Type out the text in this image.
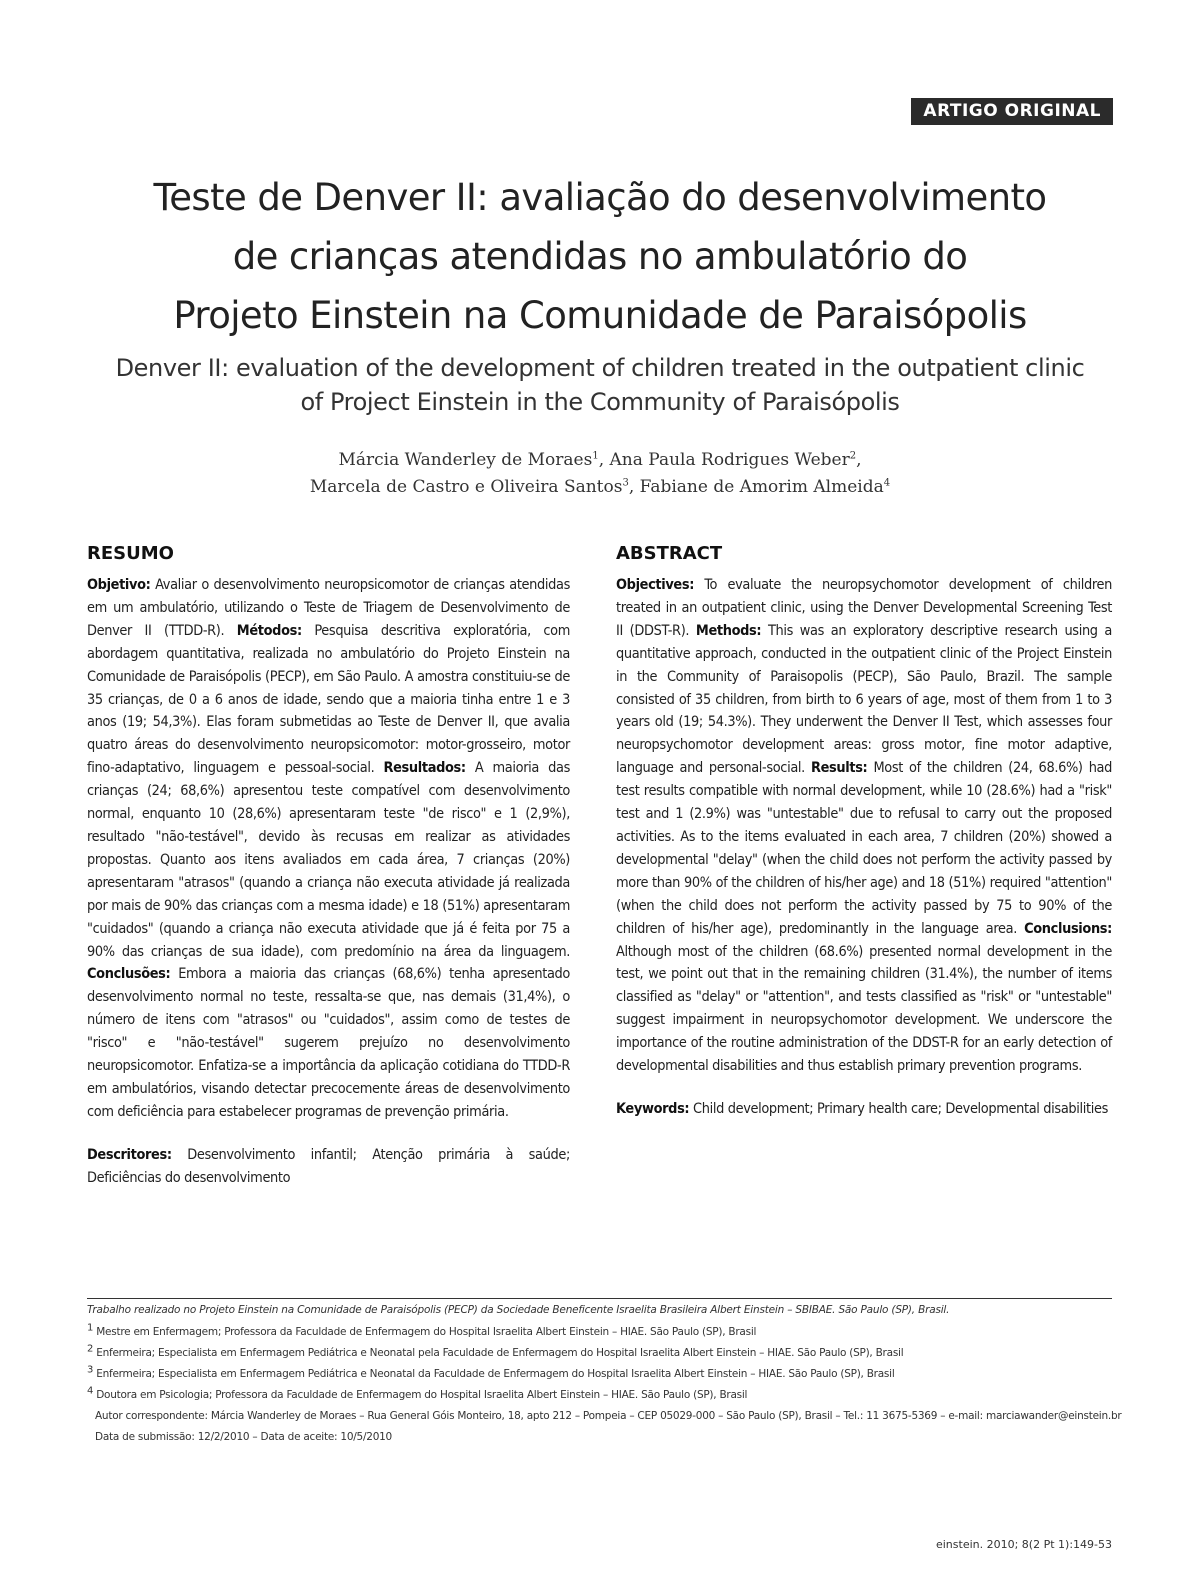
ARTIGO ORIGINAL
Teste de Denver II: avaliação do desenvolvimento
de crianças atendidas no ambulatório do
Projeto Einstein na Comunidade de Paraisópolis
Denver II: evaluation of the development of children treated in the outpatient clinic
of Project Einstein in the Community of Paraisópolis
Márcia Wanderley de Moraes$^1$, Ana Paula Rodrigues Weber$^2$,
Marcela de Castro e Oliveira Santos$^3$, Fabiane de Amorim Almeida$^4$
RESUMO

Objetivo: Avaliar o desenvolvimento neuropsicomotor de crianças atendidas em um ambulatório, utilizando o Teste de Triagem de Desenvolvimento de Denver II (TTDD-R). Métodos: Pesquisa descritiva exploratória, com abordagem quantitativa, realizada no ambulatório do Projeto Einstein na Comunidade de Paraisópolis (PECP), em São Paulo. A amostra constituiu-se de 35 crianças, de 0 a 6 anos de idade, sendo que a maioria tinha entre 1 e 3 anos (19; 54,3%). Elas foram submetidas ao Teste de Denver II, que avalia quatro áreas do desenvolvimento neuropsicomotor: motor-grosseiro, motor fino-adaptativo, linguagem e pessoal-social. Resultados: A maioria das crianças (24; 68,6%) apresentou teste compatível com desenvolvimento normal, enquanto 10 (28,6%) apresentaram teste "de risco" e 1 (2,9%), resultado "não-testável", devido às recusas em realizar as atividades propostas. Quanto aos itens avaliados em cada área, 7 crianças (20%) apresentaram "atrasos" (quando a criança não executa atividade já realizada por mais de 90% das crianças com a mesma idade) e 18 (51%) apresentaram "cuidados" (quando a criança não executa atividade que já é feita por 75 a 90% das crianças de sua idade), com predomínio na área da linguagem. Conclusões: Embora a maioria das crianças (68,6%) tenha apresentado desenvolvimento normal no teste, ressalta-se que, nas demais (31,4%), o número de itens com "atrasos" ou "cuidados", assim como de testes de "risco" e "não-testável" sugerem prejuízo no desenvolvimento neuropsicomotor. Enfatiza-se a importância da aplicação cotidiana do TTDD-R em ambulatórios, visando detectar precocemente áreas de desenvolvimento com deficiência para estabelecer programas de prevenção primária.

Descritores: Desenvolvimento infantil; Atenção primária à saúde; Deficiências do desenvolvimento

ABSTRACT

Objectives: To evaluate the neuropsychomotor development of children treated in an outpatient clinic, using the Denver Developmental Screening Test II (DDST-R). Methods: This was an exploratory descriptive research using a quantitative approach, conducted in the outpatient clinic of the Project Einstein in the Community of Paraisopolis (PECP), São Paulo, Brazil. The sample consisted of 35 children, from birth to 6 years of age, most of them from 1 to 3 years old (19; 54.3%). They underwent the Denver II Test, which assesses four neuropsychomotor development areas: gross motor, fine motor adaptive, language and personal-social. Results: Most of the children (24, 68.6%) had test results compatible with normal development, while 10 (28.6%) had a "risk" test and 1 (2.9%) was "untestable" due to refusal to carry out the proposed activities. As to the items evaluated in each area, 7 children (20%) showed a developmental "delay" (when the child does not perform the activity passed by more than 90% of the children of his/her age) and 18 (51%) required "attention" (when the child does not perform the activity passed by 75 to 90% of the children of his/her age), predominantly in the language area. Conclusions: Although most of the children (68.6%) presented normal development in the test, we point out that in the remaining children (31.4%), the number of items classified as "delay" or "attention", and tests classified as "risk" or "untestable" suggest impairment in neuropsychomotor development. We underscore the importance of the routine administration of the DDST-R for an early detection of developmental disabilities and thus establish primary prevention programs.

Keywords: Child development; Primary health care; Developmental disabilities

Trabalho realizado no Projeto Einstein na Comunidade de Paraisópolis (PECP) da Sociedade Beneficente Israelita Brasileira Albert Einstein – SBIBAE. São Paulo (SP), Brasil.
$^1$ Mestre em Enfermagem; Professora da Faculdade de Enfermagem do Hospital Israelita Albert Einstein – HIAE. São Paulo (SP), Brasil
$^2$ Enfermeira; Especialista em Enfermagem Pediátrica e Neonatal pela Faculdade de Enfermagem do Hospital Israelita Albert Einstein – HIAE. São Paulo (SP), Brasil
$^3$ Enfermeira; Especialista em Enfermagem Pediátrica e Neonatal da Faculdade de Enfermagem do Hospital Israelita Albert Einstein – HIAE. São Paulo (SP), Brasil
$^4$ Doutora em Psicologia; Professora da Faculdade de Enfermagem do Hospital Israelita Albert Einstein – HIAE. São Paulo (SP), Brasil
Autor correspondente: Márcia Wanderley de Moraes – Rua General Góis Monteiro, 18, apto 212 – Pompeia – CEP 05029-000 – São Paulo (SP), Brasil – Tel.: 11 3675-5369 – e-mail: marciawander@einstein.br
Data de submissão: 12/2/2010 – Data de aceite: 10/5/2010
einstein. 2010; 8(2 Pt 1):149-53
